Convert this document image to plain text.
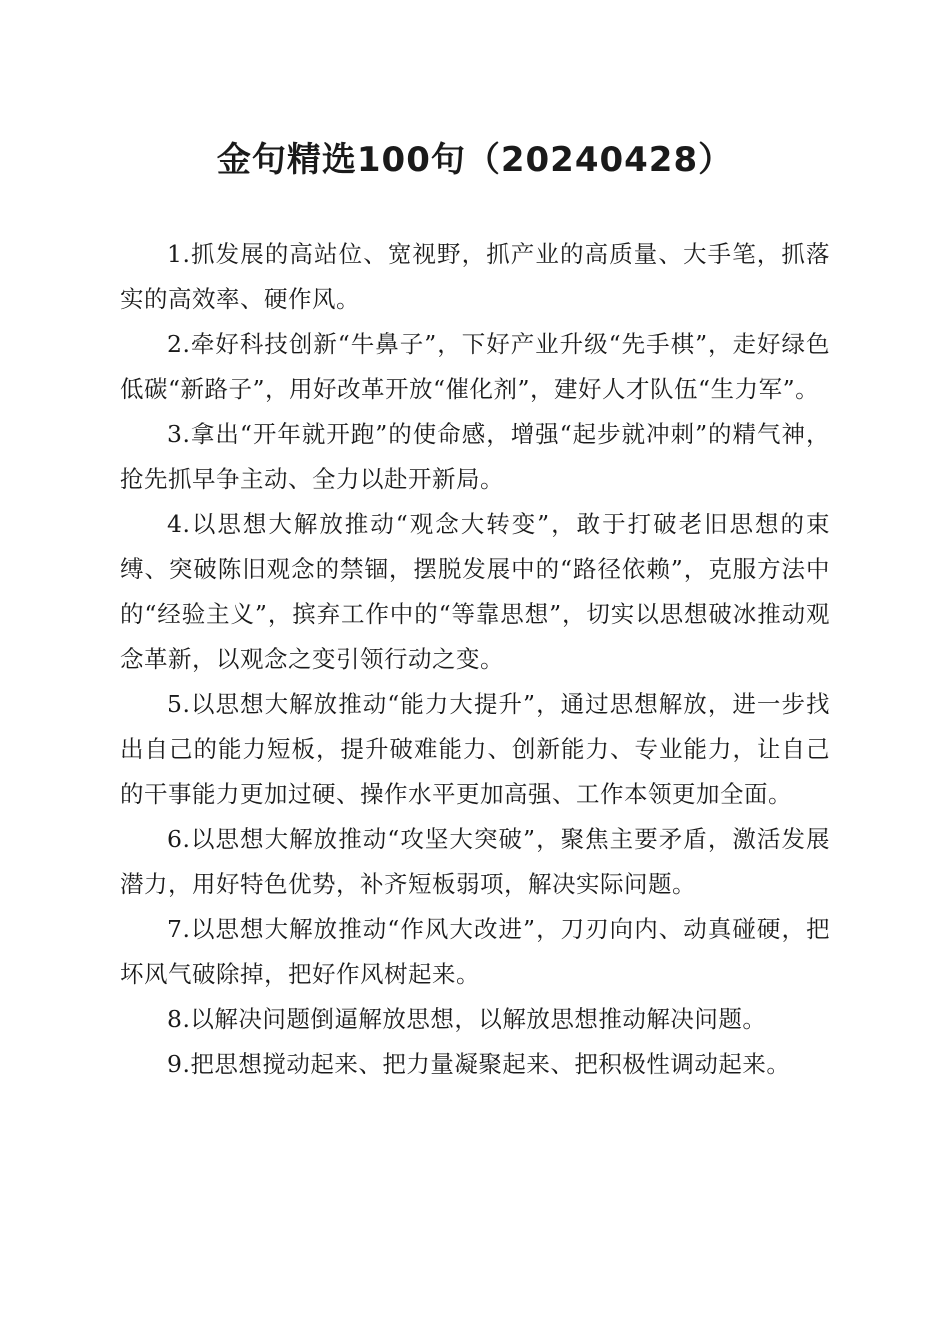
金句精选100句（20240428）

1.抓发展的高站位、宽视野，抓产业的高质量、大手笔，抓落实的高效率、硬作风。

2.牵好科技创新“牛鼻子”，下好产业升级“先手棋”，走好绿色低碳“新路子”，用好改革开放“催化剂”，建好人才队伍“生力军”。

3.拿出“开年就开跑”的使命感，增强“起步就冲刺”的精气神，抢先抓早争主动、全力以赴开新局。

4.以思想大解放推动“观念大转变”，敢于打破老旧思想的束缚、突破陈旧观念的禁锢，摆脱发展中的“路径依赖”，克服方法中的“经验主义”，摈弃工作中的“等靠思想”，切实以思想破冰推动观念革新，以观念之变引领行动之变。

5.以思想大解放推动“能力大提升”，通过思想解放，进一步找出自己的能力短板，提升破难能力、创新能力、专业能力，让自己的干事能力更加过硬、操作水平更加高强、工作本领更加全面。

6.以思想大解放推动“攻坚大突破”，聚焦主要矛盾，激活发展潜力，用好特色优势，补齐短板弱项，解决实际问题。

7.以思想大解放推动“作风大改进”，刀刃向内、动真碰硬，把坏风气破除掉，把好作风树起来。

8.以解决问题倒逼解放思想，以解放思想推动解决问题。

9.把思想搅动起来、把力量凝聚起来、把积极性调动起来。
